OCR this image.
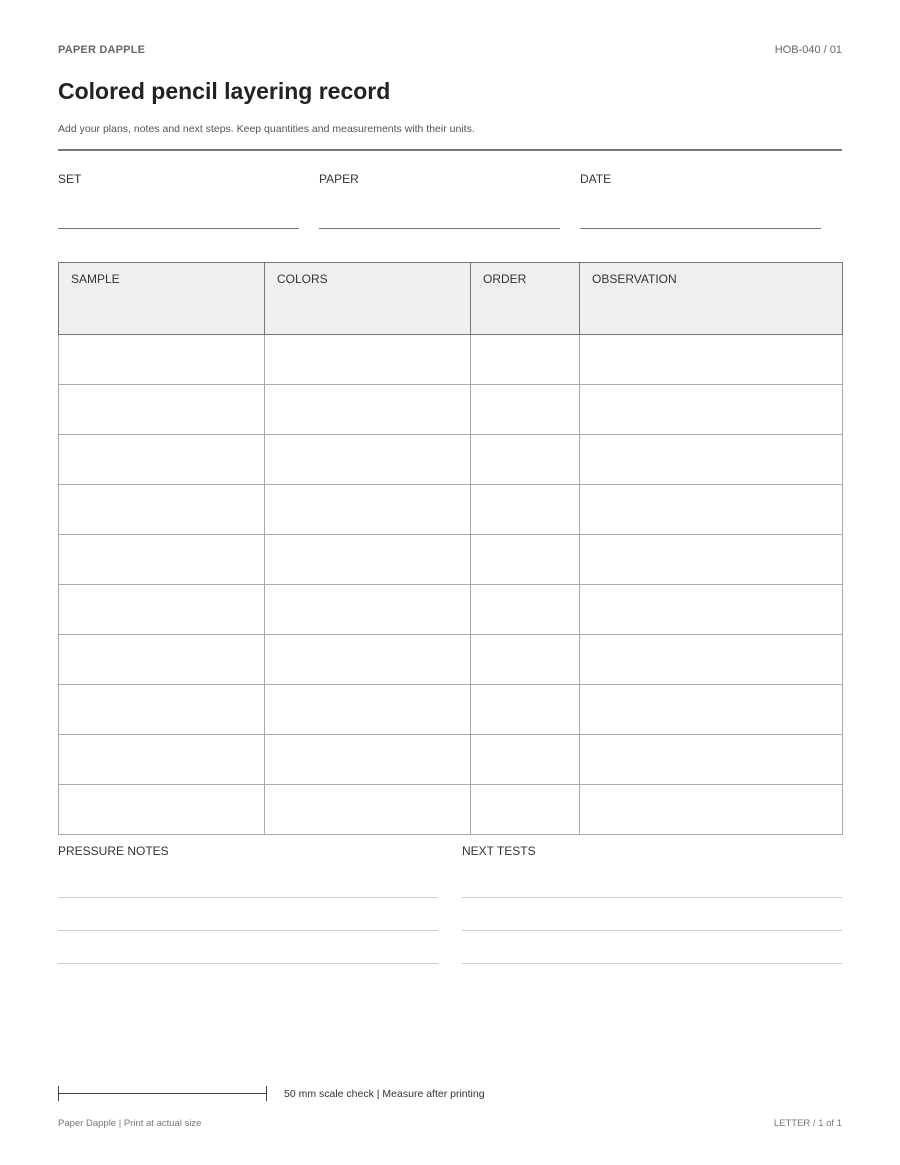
PAPER DAPPLE	HOB-040 / 01
Colored pencil layering record
Add your plans, notes and next steps. Keep quantities and measurements with their units.
SET	PAPER	DATE
SAMPLE	COLORS	ORDER	OBSERVATION

PRESSURE NOTES	NEXT TESTS
50 mm scale check | Measure after printing
Paper Dapple | Print at actual size	LETTER / 1 of 1
